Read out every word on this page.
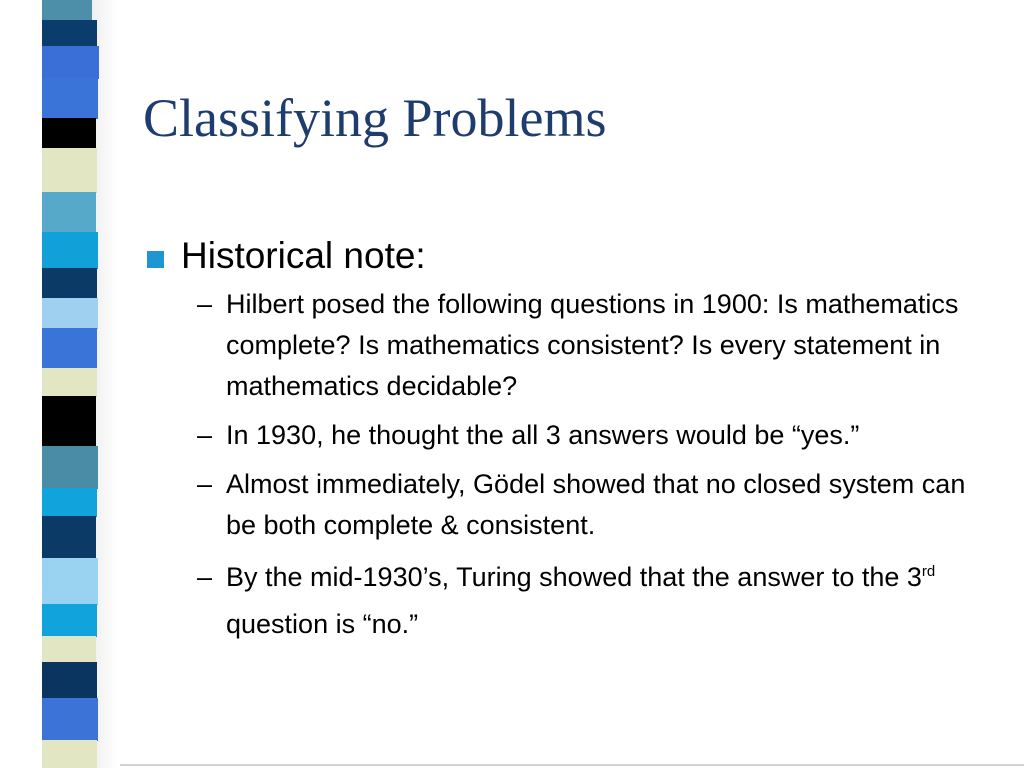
Classifying Problems
Historical note:
– Hilbert posed the following questions in 1900: Is mathematics complete? Is mathematics consistent? Is every statement in mathematics decidable?
– In 1930, he thought the all 3 answers would be “yes.”
– Almost immediately, Gödel showed that no closed system can be both complete & consistent.
– By the mid-1930’s, Turing showed that the answer to the 3rd question is “no.”
